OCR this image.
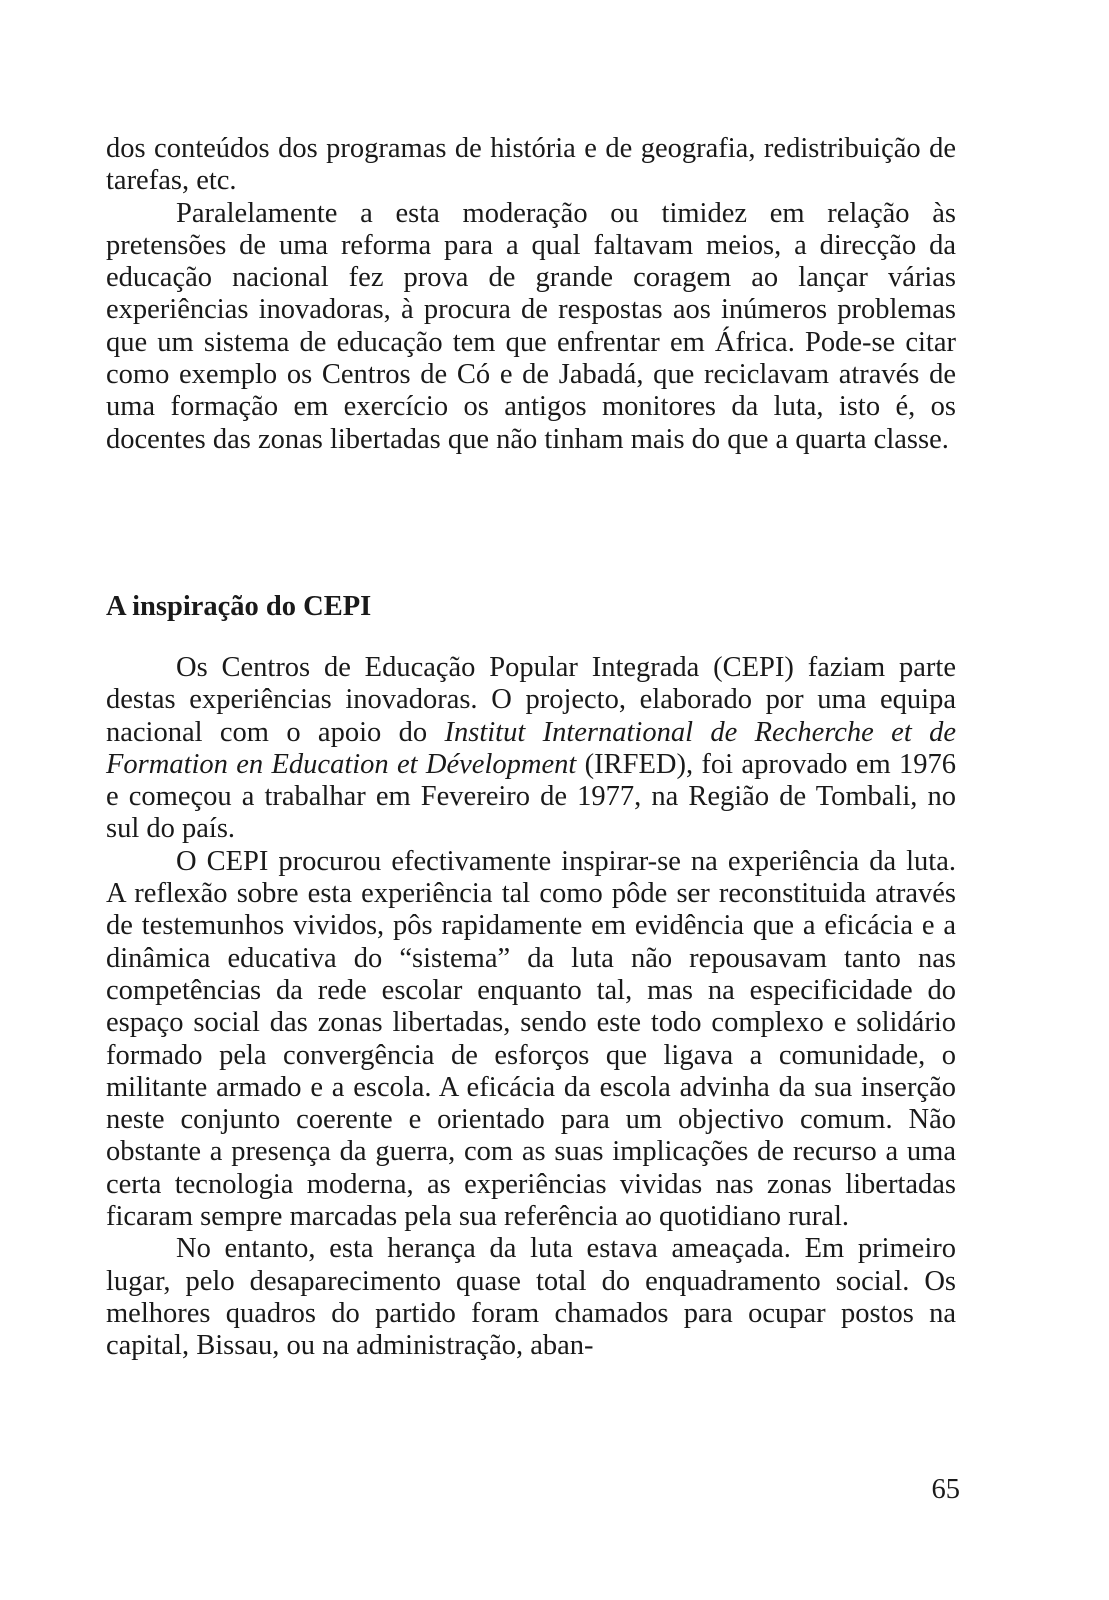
dos conteúdos dos programas de história e de geografia, redistribuição de tarefas, etc.

Paralelamente a esta moderação ou timidez em relação às pretensões de uma reforma para a qual faltavam meios, a direcção da educação nacional fez prova de grande coragem ao lançar várias experiências inovadoras, à procura de respostas aos inúmeros problemas que um sistema de educação tem que enfrentar em África. Pode-se citar como exemplo os Centros de Có e de Jabadá, que reciclavam através de uma formação em exercício os antigos monitores da luta, isto é, os docentes das zonas libertadas que não tinham mais do que a quarta classe.

A inspiração do CEPI

Os Centros de Educação Popular Integrada (CEPI) faziam parte destas experiências inovadoras. O projecto, elaborado por uma equipa nacional com o apoio do Institut International de Recherche et de Formation en Education et Dévelopment (IRFED), foi aprovado em 1976 e começou a trabalhar em Fevereiro de 1977, na Região de Tombali, no sul do país.

O CEPI procurou efectivamente inspirar-se na experiência da luta. A reflexão sobre esta experiência tal como pôde ser reconstituida através de testemunhos vividos, pôs rapidamente em evidência que a eficácia e a dinâmica educativa do “sistema” da luta não repousavam tanto nas competências da rede escolar enquanto tal, mas na especificidade do espaço social das zonas libertadas, sendo este todo complexo e solidário formado pela convergência de esforços que ligava a comunidade, o militante armado e a escola. A eficácia da escola advinha da sua inserção neste conjunto coerente e orientado para um objectivo comum. Não obstante a presença da guerra, com as suas implicações de recurso a uma certa tecnologia moderna, as experiências vividas nas zonas libertadas ficaram sempre marcadas pela sua referência ao quotidiano rural.

No entanto, esta herança da luta estava ameaçada. Em primeiro lugar, pelo desaparecimento quase total do enquadramento social. Os melhores quadros do partido foram chamados para ocupar postos na capital, Bissau, ou na administração, aban-

65
